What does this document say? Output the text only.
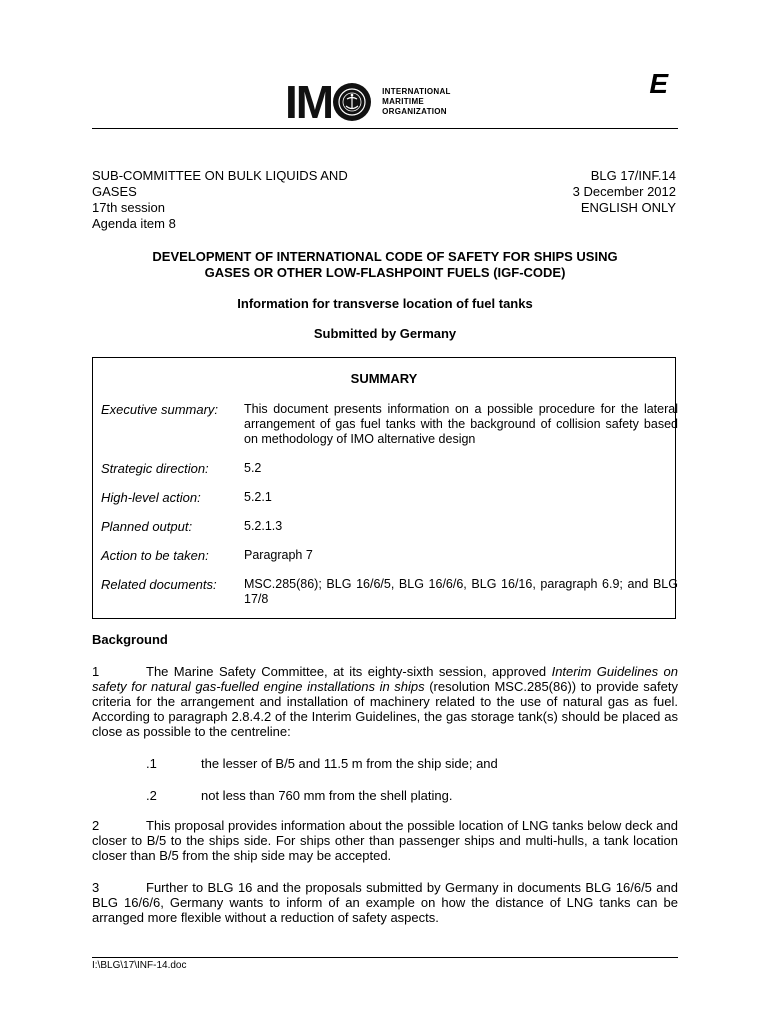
I M	INTERNATIONAL
MARITIME
ORGANIZATION
E
SUB-COMMITTEE ON BULK LIQUIDS AND
GASES
17th session
Agenda item 8
BLG 17/INF.14
3 December 2012
ENGLISH ONLY
DEVELOPMENT OF INTERNATIONAL CODE OF SAFETY FOR SHIPS USING
GASES OR OTHER LOW-FLASHPOINT FUELS (IGF-CODE)
Information for transverse location of fuel tanks
Submitted by Germany
SUMMARY
Executive summary: This document presents information on a possible procedure for the lateral arrangement of gas fuel tanks with the background of collision safety based on methodology of IMO alternative design
Strategic direction:	5.2
High-level action:	5.2.1
Planned output:	5.2.1.3
Action to be taken:	Paragraph 7
Related documents: MSC.285(86); BLG 16/6/5, BLG 16/6/6, BLG 16/16, paragraph 6.9; and BLG 17/8
Background
1	The Marine Safety Committee, at its eighty-sixth session, approved Interim Guidelines on safety for natural gas-fuelled engine installations in ships (resolution MSC.285(86)) to provide safety criteria for the arrangement and installation of machinery related to the use of natural gas as fuel. According to paragraph 2.8.4.2 of the Interim Guidelines, the gas storage tank(s) should be placed as close as possible to the centreline:
.1	the lesser of B/5 and 11.5 m from the ship side; and
.2	not less than 760 mm from the shell plating.
2	This proposal provides information about the possible location of LNG tanks below deck and closer to B/5 to the ships side. For ships other than passenger ships and multi-hulls, a tank location closer than B/5 from the ship side may be accepted.
3	Further to BLG 16 and the proposals submitted by Germany in documents BLG 16/6/5 and BLG 16/6/6, Germany wants to inform of an example on how the distance of LNG tanks can be arranged more flexible without a reduction of safety aspects.
I:\BLG\17\INF-14.doc
